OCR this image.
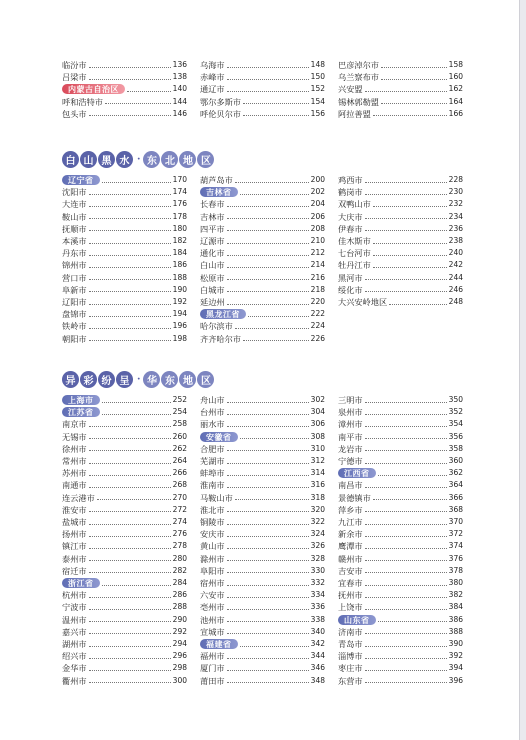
白 山 黑 水 · 东 北 地 区
异 彩 纷 呈 · 华 东 地 区
临汾市	136
吕梁市	138
内蒙古自治区	140
呼和浩特市	144
包头市	146
乌海市	148
赤峰市	150
通辽市	152
鄂尔多斯市	154
呼伦贝尔市	156
巴彦淖尔市	158
乌兰察布市	160
兴安盟	162
锡林郭勒盟	164
阿拉善盟	166
辽宁省	170
沈阳市	174
大连市	176
鞍山市	178
抚顺市	180
本溪市	182
丹东市	184
锦州市	186
营口市	188
阜新市	190
辽阳市	192
盘锦市	194
铁岭市	196
朝阳市	198
葫芦岛市	200
吉林省	202
长春市	204
吉林市	206
四平市	208
辽源市	210
通化市	212
白山市	214
松原市	216
白城市	218
延边州	220
黑龙江省	222
哈尔滨市	224
齐齐哈尔市	226
鸡西市	228
鹤岗市	230
双鸭山市	232
大庆市	234
伊春市	236
佳木斯市	238
七台河市	240
牡丹江市	242
黑河市	244
绥化市	246
大兴安岭地区	248
上海市	252
江苏省	254
南京市	258
无锡市	260
徐州市	262
常州市	264
苏州市	266
南通市	268
连云港市	270
淮安市	272
盐城市	274
扬州市	276
镇江市	278
泰州市	280
宿迁市	282
浙江省	284
杭州市	286
宁波市	288
温州市	290
嘉兴市	292
湖州市	294
绍兴市	296
金华市	298
衢州市	300
舟山市	302
台州市	304
丽水市	306
安徽省	308
合肥市	310
芜湖市	312
蚌埠市	314
淮南市	316
马鞍山市	318
淮北市	320
铜陵市	322
安庆市	324
黄山市	326
滁州市	328
阜阳市	330
宿州市	332
六安市	334
亳州市	336
池州市	338
宣城市	340
福建省	342
福州市	344
厦门市	346
莆田市	348
三明市	350
泉州市	352
漳州市	354
南平市	356
龙岩市	358
宁德市	360
江西省	362
南昌市	364
景德镇市	366
萍乡市	368
九江市	370
新余市	372
鹰潭市	374
赣州市	376
吉安市	378
宜春市	380
抚州市	382
上饶市	384
山东省	386
济南市	388
青岛市	390
淄博市	392
枣庄市	394
东营市	396
